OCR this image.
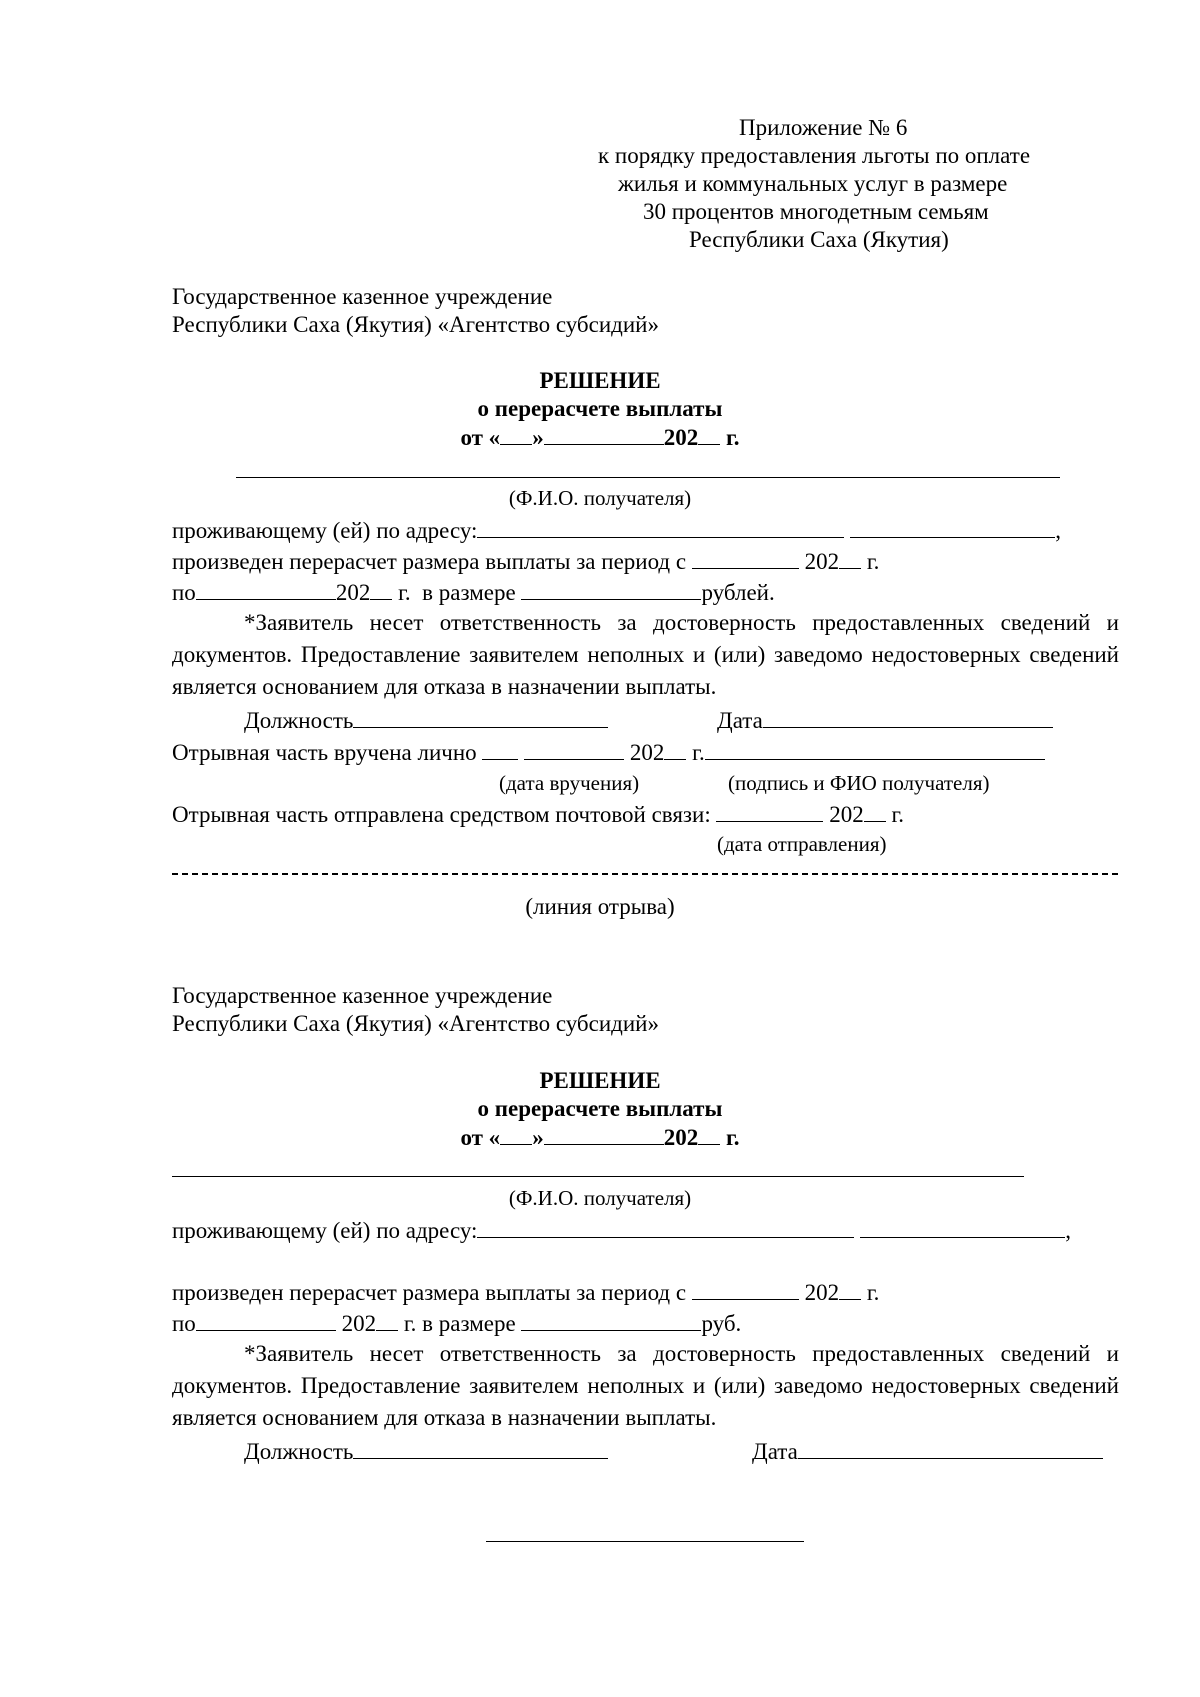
Приложение № 6
к порядку предоставления льготы по оплате
жилья и коммунальных услуг в размере
30 процентов многодетным семьям
Республики Саха (Якутия)
Государственное казенное учреждение
Республики Саха (Якутия) «Агентство субсидий»
РЕШЕНИЕ
о перерасчете выплаты
от « »	202 г.
(Ф.И.О. получателя)
проживающему (ей) по адресу:	,
произведен перерасчет размера выплаты за период с	202 г.
по	202 г. в размере	рублей.
*Заявитель несет ответственность за достоверность предоставленных сведений и документов. Предоставление заявителем неполных и (или) заведомо недостоверных сведений является основанием для отказа в назначении выплаты.
Должность	Дата
Отрывная часть вручена лично	202 г.
(дата вручения)	(подпись и ФИО получателя)
Отрывная часть отправлена средством почтовой связи:	202 г.
(дата отправления)
(линия отрыва)
Государственное казенное учреждение
Республики Саха (Якутия) «Агентство субсидий»
РЕШЕНИЕ
о перерасчете выплаты
от « »	202 г.
(Ф.И.О. получателя)
проживающему (ей) по адресу:	,
произведен перерасчет размера выплаты за период с	202 г.
по	202 г. в размере	руб.
*Заявитель несет ответственность за достоверность предоставленных сведений и документов. Предоставление заявителем неполных и (или) заведомо недостоверных сведений является основанием для отказа в назначении выплаты.
Должность	Дата
